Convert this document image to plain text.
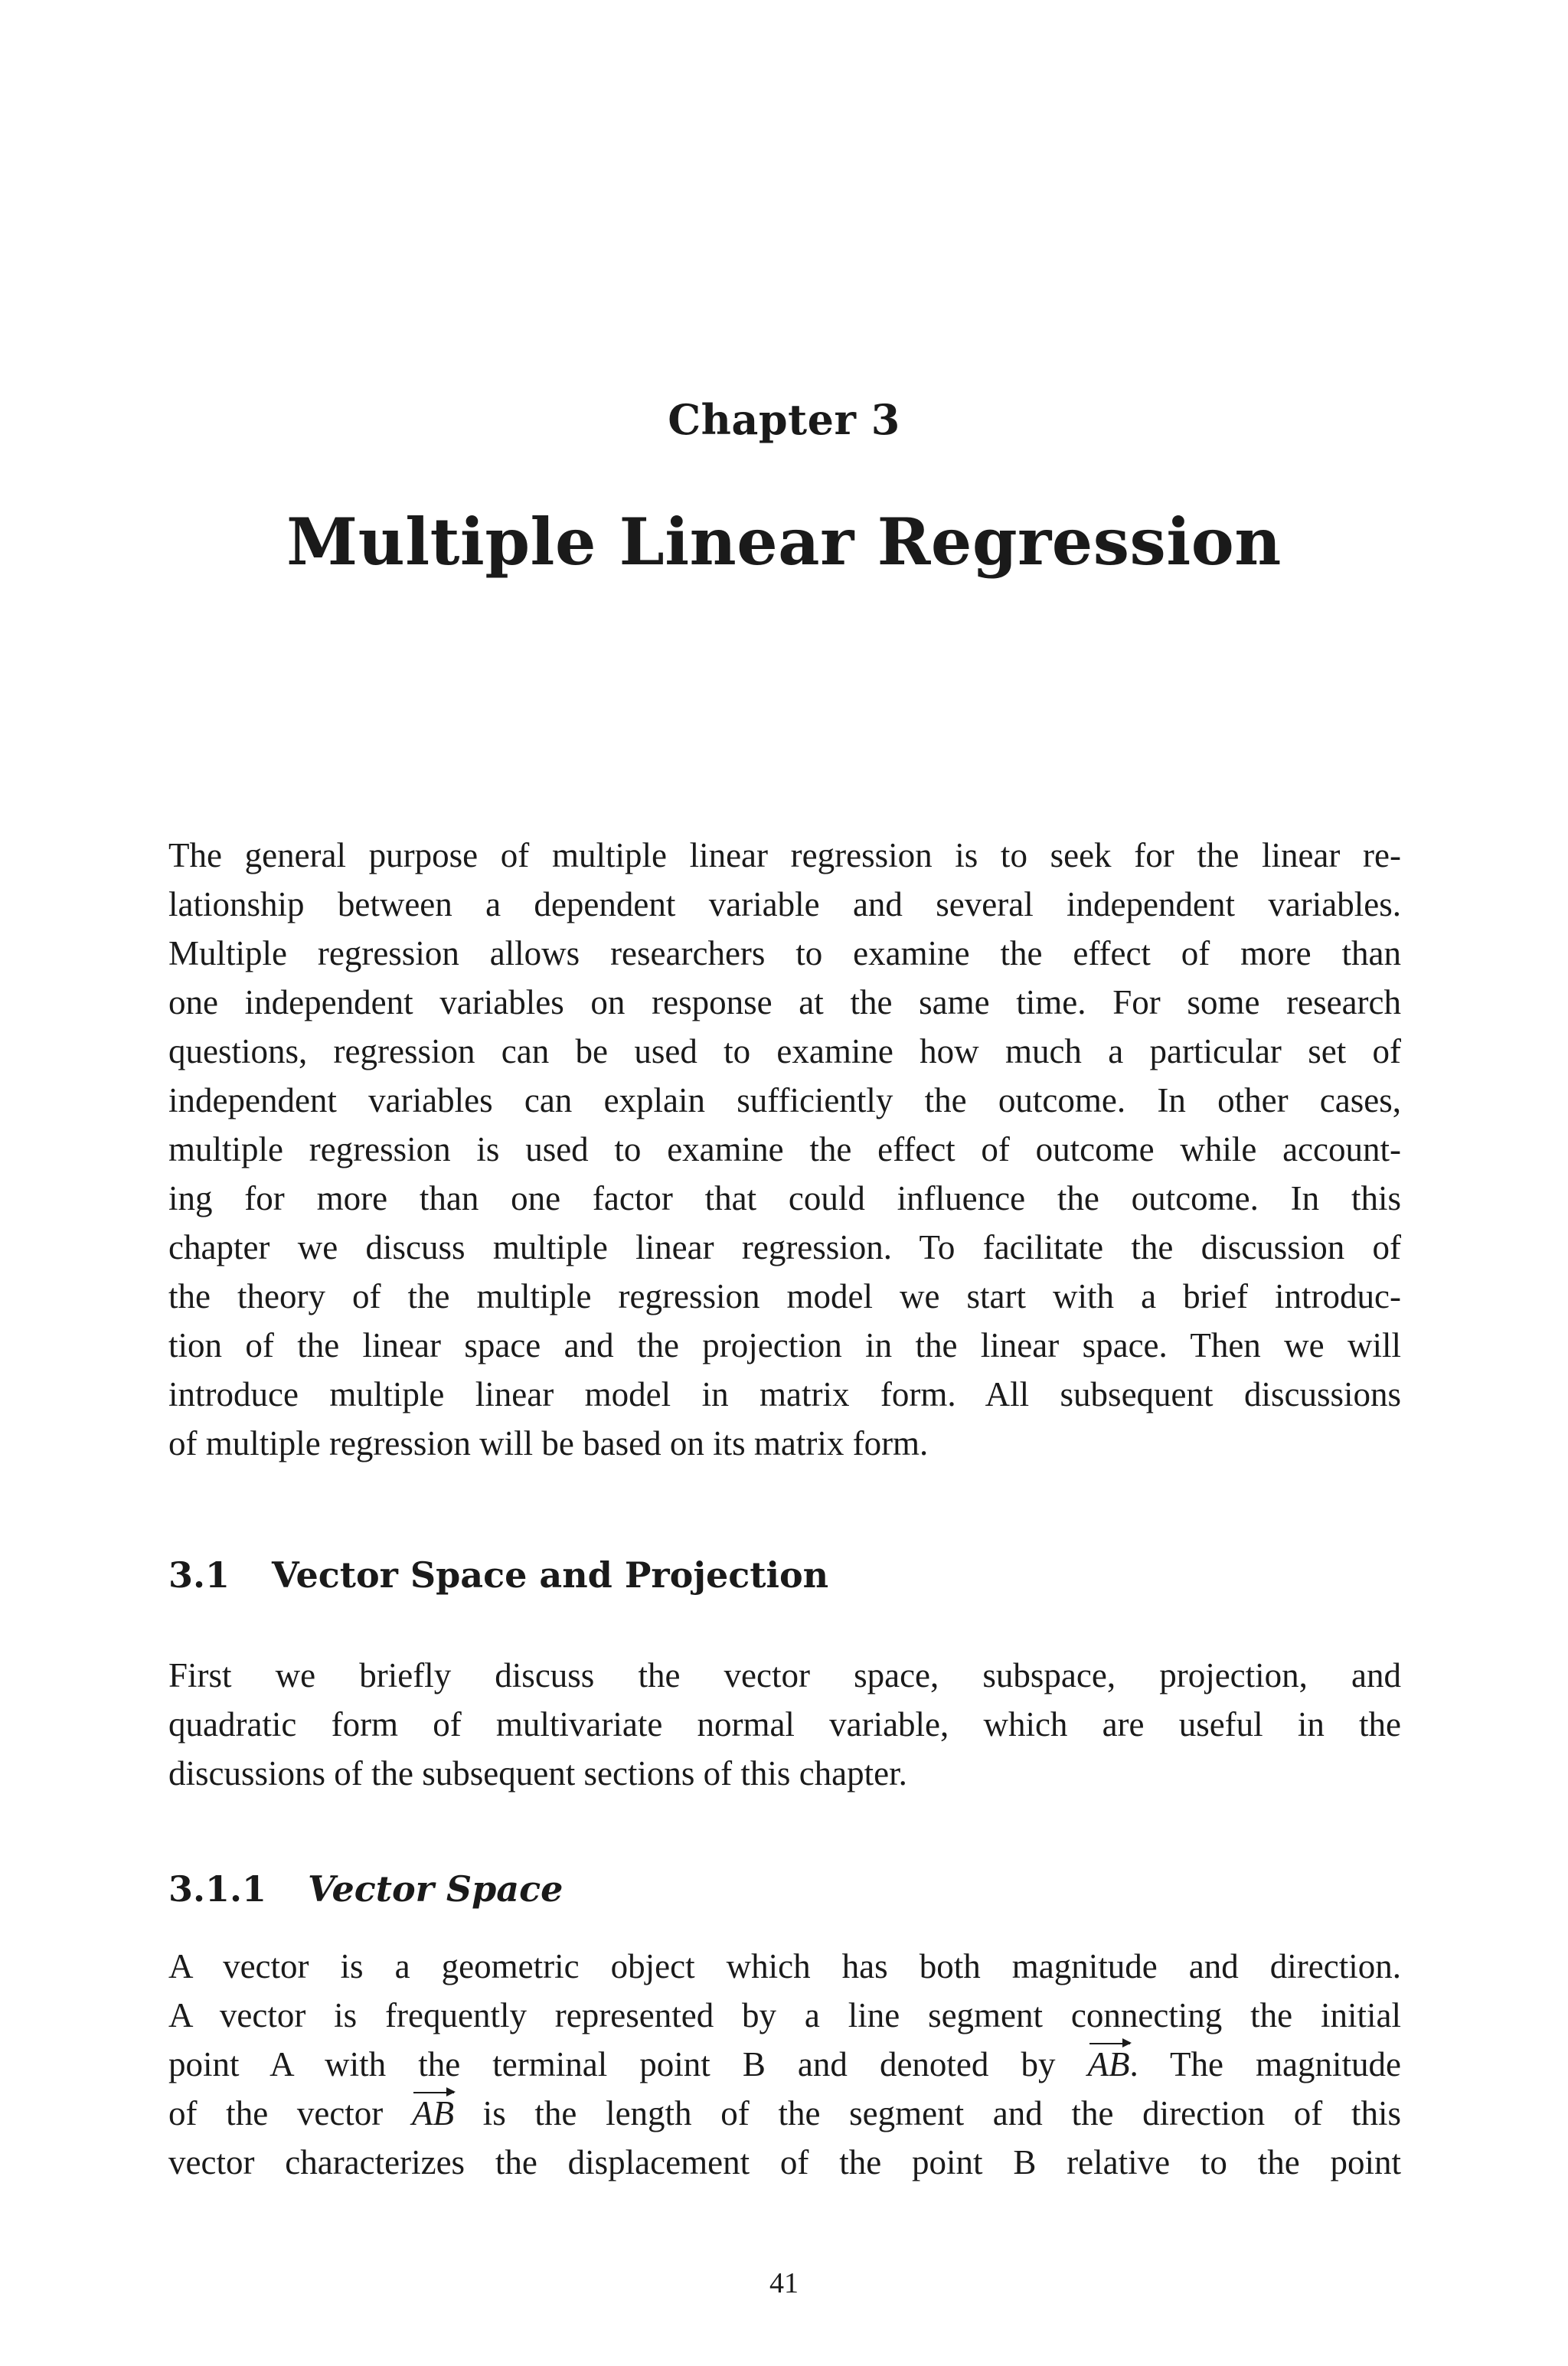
Chapter 3
Multiple Linear Regression
The general purpose of multiple linear regression is to seek for the linear re-
lationship between a dependent variable and several independent variables.
Multiple regression allows researchers to examine the effect of more than
one independent variables on response at the same time. For some research
questions, regression can be used to examine how much a particular set of
independent variables can explain sufficiently the outcome. In other cases,
multiple regression is used to examine the effect of outcome while account-
ing for more than one factor that could influence the outcome. In this
chapter we discuss multiple linear regression. To facilitate the discussion of
the theory of the multiple regression model we start with a brief introduc-
tion of the linear space and the projection in the linear space. Then we will
introduce multiple linear model in matrix form. All subsequent discussions
of multiple regression will be based on its matrix form.
3.1 Vector Space and Projection
First we briefly discuss the vector space, subspace, projection, and
quadratic form of multivariate normal variable, which are useful in the
discussions of the subsequent sections of this chapter.
3.1.1 Vector Space
A vector is a geometric object which has both magnitude and direction.
A vector is frequently represented by a line segment connecting the initial
point A with the terminal point B and denoted by AB. The magnitude
of the vector AB is the length of the segment and the direction of this
vector characterizes the displacement of the point B relative to the point
41
